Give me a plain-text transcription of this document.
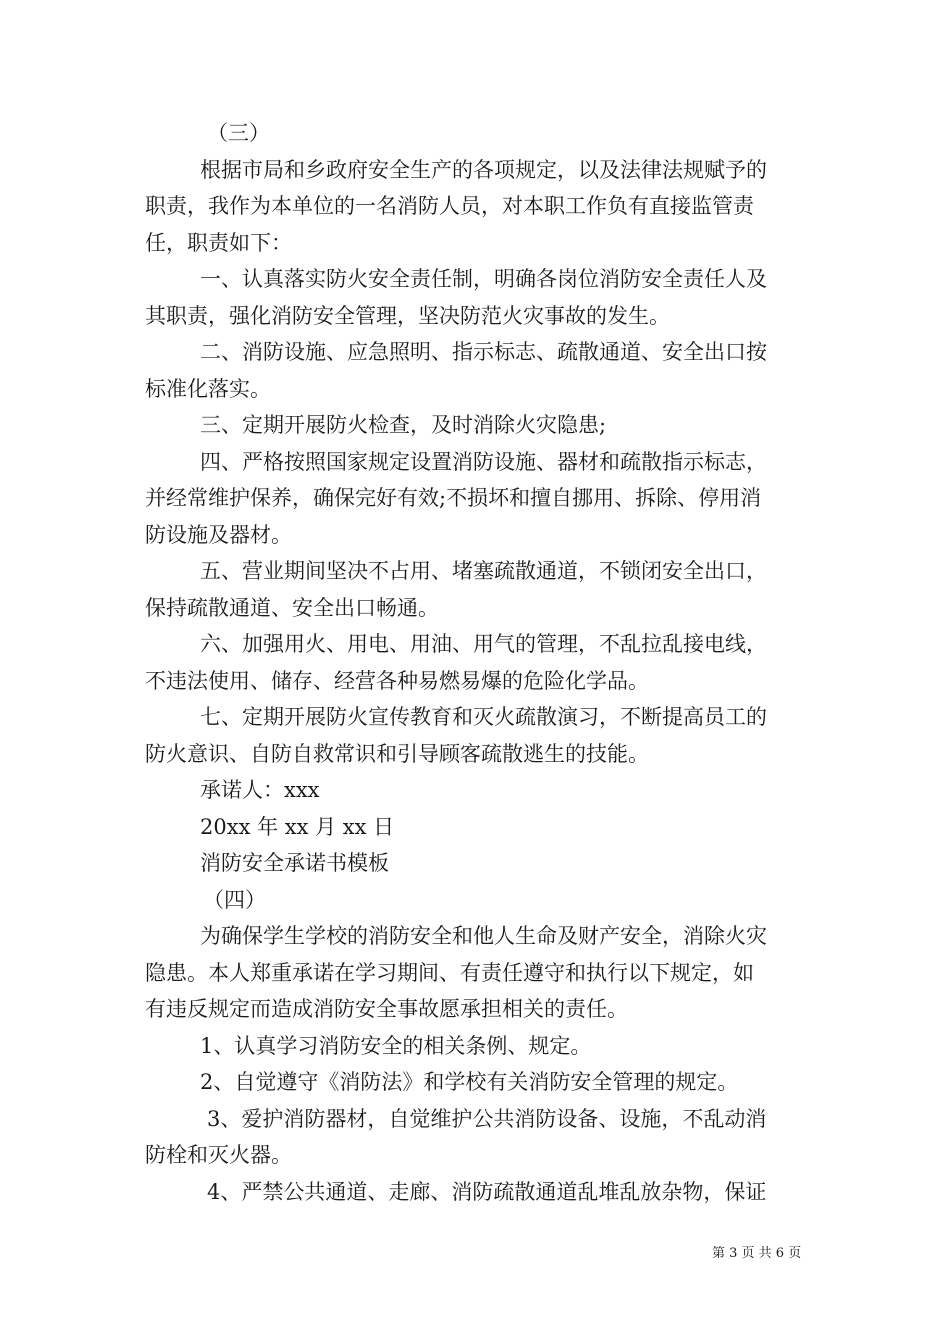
（三）
根据市局和乡政府安全生产的各项规定，以及法律法规赋予的
职责，我作为本单位的一名消防人员，对本职工作负有直接监管责
任，职责如下：
一、认真落实防火安全责任制，明确各岗位消防安全责任人及
其职责，强化消防安全管理，坚决防范火灾事故的发生。
二、消防设施、应急照明、指示标志、疏散通道、安全出口按
标准化落实。
三、定期开展防火检查，及时消除火灾隐患;
四、严格按照国家规定设置消防设施、器材和疏散指示标志，
并经常维护保养，确保完好有效;不损坏和擅自挪用、拆除、停用消
防设施及器材。
五、营业期间坚决不占用、堵塞疏散通道，不锁闭安全出口，
保持疏散通道、安全出口畅通。
六、加强用火、用电、用油、用气的管理，不乱拉乱接电线，
不违法使用、储存、经营各种易燃易爆的危险化学品。
七、定期开展防火宣传教育和灭火疏散演习，不断提高员工的
防火意识、自防自救常识和引导顾客疏散逃生的技能。
承诺人：xxx
20xx 年 xx 月 xx 日
消防安全承诺书模板
（四）
为确保学生学校的消防安全和他人生命及财产安全，消除火灾
隐患。本人郑重承诺在学习期间、有责任遵守和执行以下规定，如
有违反规定而造成消防安全事故愿承担相关的责任。
1、认真学习消防安全的相关条例、规定。
2、自觉遵守《消防法》和学校有关消防安全管理的规定。
3、爱护消防器材，自觉维护公共消防设备、设施，不乱动消
防栓和灭火器。
4、严禁公共通道、走廊、消防疏散通道乱堆乱放杂物，保证
第 3 页 共 6 页
